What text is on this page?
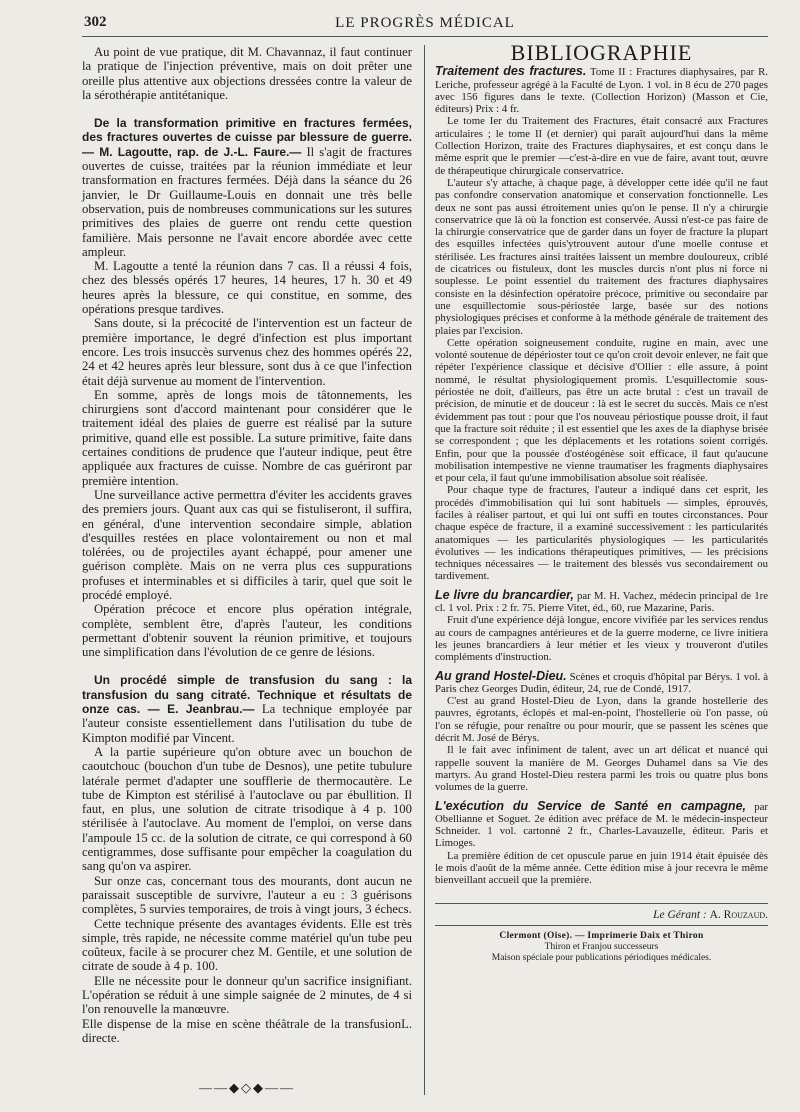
302	LE PROGRÈS MÉDICAL

Au point de vue pratique, dit M. Chavannaz, il faut continuer la pratique de l'injection préventive, mais on doit prêter une oreille plus attentive aux objections dressées contre la valeur de la sérothérapie antitétanique.

De la transformation primitive en fractures fermées, des fractures ouvertes de cuisse par blessure de guerre.— M. Lagoutte, rap. de J.-L. Faure.— Il s'agit de fractures ouvertes de cuisse, traitées par la réunion immédiate et leur transformation en fractures fermées. Déjà dans la séance du 26 janvier, le Dr Guillaume-Louis en donnait une très belle observation, puis de nombreuses communications sur les sutures primitives des plaies de guerre ont rendu cette question familière. Mais personne ne l'avait encore abordée avec cette ampleur.

M. Lagoutte a tenté la réunion dans 7 cas. Il a réussi 4 fois, chez des blessés opérés 17 heures, 14 heures, 17 h. 30 et 49 heures après la blessure, ce qui constitue, en somme, des opérations presque tardives.

Sans doute, si la précocité de l'intervention est un facteur de première importance, le degré d'infection est plus important encore. Les trois insuccès survenus chez des hommes opérés 22, 24 et 42 heures après leur blessure, sont dus à ce que l'infection était déjà survenue au moment de l'intervention.

En somme, après de longs mois de tâtonnements, les chirurgiens sont d'accord maintenant pour considérer que le traitement idéal des plaies de guerre est réalisé par la suture primitive, quand elle est possible. La suture primitive, faite dans certaines conditions de prudence que l'auteur indique, peut être appliquée aux fractures de cuisse. Nombre de cas guériront par première intention.

Une surveillance active permettra d'éviter les accidents graves des premiers jours. Quant aux cas qui se fistuliseront, il suffira, en général, d'une intervention secondaire simple, ablation d'esquilles restées en place volontairement ou non et mal tolérées, ou de projectiles ayant échappé, pour amener une guérison complète. Mais on ne verra plus ces suppurations profuses et interminables et si difficiles à tarir, quel que soit le procédé employé.

Opération précoce et encore plus opération intégrale, complète, semblent être, d'après l'auteur, les conditions permettant d'obtenir souvent la réunion primitive, et toujours une simplification dans l'évolution de ce genre de lésions.

Un procédé simple de transfusion du sang : la transfusion du sang citraté. Technique et résultats de onze cas. — E. Jeanbrau.— La technique employée par l'auteur consiste essentiellement dans l'utilisation du tube de Kimpton modifié par Vincent.

A la partie supérieure qu'on obture avec un bouchon de caoutchouc (bouchon d'un tube de Desnos), une petite tubulure latérale permet d'adapter une soufflerie de thermocautère. Le tube de Kimpton est stérilisé à l'autoclave ou par ébullition. Il faut, en plus, une solution de citrate trisodique à 4 p. 100 stérilisée à l'autoclave. Au moment de l'emploi, on verse dans l'ampoule 15 cc. de la solution de citrate, ce qui correspond à 60 centigrammes, dose suffisante pour empêcher la coagulation du sang qu'on va aspirer.

Sur onze cas, concernant tous des mourants, dont aucun ne paraissait susceptible de survivre, l'auteur a eu : 3 guérisons complètes, 5 survies temporaires, de trois à vingt jours, 3 échecs.

Cette technique présente des avantages évidents. Elle est très simple, très rapide, ne nécessite comme matériel qu'un tube peu coûteux, facile à se procurer chez M. Gentile, et une solution de citrate de soude à 4 p. 100.

Elle ne nécessite pour le donneur qu'un sacrifice insignifiant. L'opération se réduit à une simple saignée de 2 minutes, de 4 si l'on renouvelle la manœuvre.

Elle dispense de la mise en scène théâtrale de la transfusion directe.
L.

——◆◇◆——
BIBLIOGRAPHIE

Traitement des fractures. Tome II : Fractures diaphysaires, par R. Leriche, professeur agrégé à la Faculté de Lyon. 1 vol. in 8 écu de 270 pages avec 156 figures dans le texte. (Collection Horizon) (Masson et Cie, éditeurs) Prix : 4 fr.

Le tome Ier du Traitement des Fractures, était consacré aux Fractures articulaires ; le tome II (et dernier) qui paraît aujourd'hui dans la même Collection Horizon, traite des Fractures diaphysaires, et est conçu dans le même esprit que le premier —c'est-à-dire en vue de faire, avant tout, œuvre de thérapeutique chirurgicale conservatrice.

L'auteur s'y attache, à chaque page, à développer cette idée qu'il ne faut pas confondre conservation anatomique et conservation fonctionnelle. Les deux ne sont pas aussi étroitement unies qu'on le pense. Il n'y a chirurgie conservatrice que là où la fonction est conservée. Aussi n'est-ce pas faire de la chirurgie conservatrice que de garder dans un foyer de fracture la plupart des esquilles infectées quis'ytrouvent autour d'une moelle contuse et stérilisée. Les fractures ainsi traitées laissent un membre douloureux, criblé de cicatrices ou fistuleux, dont les muscles durcis n'ont plus ni force ni souplesse. Le point essentiel du traitement des fractures diaphysaires consiste en la désinfection opératoire précoce, primitive ou secondaire par une esquillectomie sous-périostée large, basée sur des notions physiologiques précises et conforme à la méthode générale de traitement des plaies par l'excision.

Cette opération soigneusement conduite, rugine en main, avec une volonté soutenue de dépérioster tout ce qu'on croit devoir enlever, ne fait que répéter l'expérience classique et décisive d'Ollier : elle assure, à point nommé, le résultat physiologiquement promis. L'esquillectomie sous-périostée ne doit, d'ailleurs, pas être un acte brutal : c'est un travail de précision, de minutie et de douceur : là est le secret du succès. Mais ce n'est évidemment pas tout : pour que l'os nouveau périostique pousse droit, il faut que la fracture soit réduite ; il est essentiel que les axes de la diaphyse brisée se correspondent ; que les déplacements et les rotations soient corrigés. Enfin, pour que la poussée d'ostéogénèse soit efficace, il faut qu'aucune mobilisation intempestive ne vienne traumatiser les fragments diaphysaires et pour cela, il faut qu'une immobilisation absolue soit réalisée.

Pour chaque type de fractures, l'auteur a indiqué dans cet esprit, les procédés d'immobilisation qui lui sont habituels — simples, éprouvés, faciles à réaliser partout, et qui lui ont suffi en toutes circonstances. Pour chaque espèce de fracture, il a examiné successivement : les particularités anatomiques — les particularités physiologiques — les particularités évolutives — les indications thérapeutiques primitives, — les précisions techniques nécessaires — le traitement des blessés vus secondairement ou tardivement.

Le livre du brancardier, par M. H. Vachez, médecin principal de 1re cl. 1 vol. Prix : 2 fr. 75. Pierre Vitet, éd., 60, rue Mazarine, Paris.

Fruit d'une expérience déjà longue, encore vivifiée par les services rendus au cours de campagnes antérieures et de la guerre moderne, ce livre initiera les jeunes brancardiers à leur métier et les vieux y trouveront d'utiles compléments d'instruction.

Au grand Hostel-Dieu. Scènes et croquis d'hôpital par Bérys. 1 vol. à Paris chez Georges Dudin, éditeur, 24, rue de Condé, 1917.

C'est au grand Hostel-Dieu de Lyon, dans la grande hostellerie des pauvres, égrotants, éclopés et mal-en-point, l'hostellerie où l'on passe, où l'on se réfugie, pour renaître ou pour mourir, que se passent les scènes que décrit M. José de Bérys.

Il le fait avec infiniment de talent, avec un art délicat et nuancé qui rappelle souvent la manière de M. Georges Duhamel dans sa Vie des martyrs. Au grand Hostel-Dieu restera parmi les trois ou quatre plus bons volumes de la guerre.

L'exécution du Service de Santé en campagne, par Obellianne et Soguet. 2e édition avec préface de M. le médecin-inspecteur Schneider. 1 vol. cartonné 2 fr., Charles-Lavauzelle, éditeur. Paris et Limoges.

La première édition de cet opuscule parue en juin 1914 était épuisée dès le mois d'août de la même année. Cette édition mise à jour recevra le même bienveillant accueil que la première.

Le Gérant : A. Rouzaud.
Clermont (Oise). — Imprimerie Daix et Thiron
Thiron et Franjou successeurs
Maison spéciale pour publications périodiques médicales.
